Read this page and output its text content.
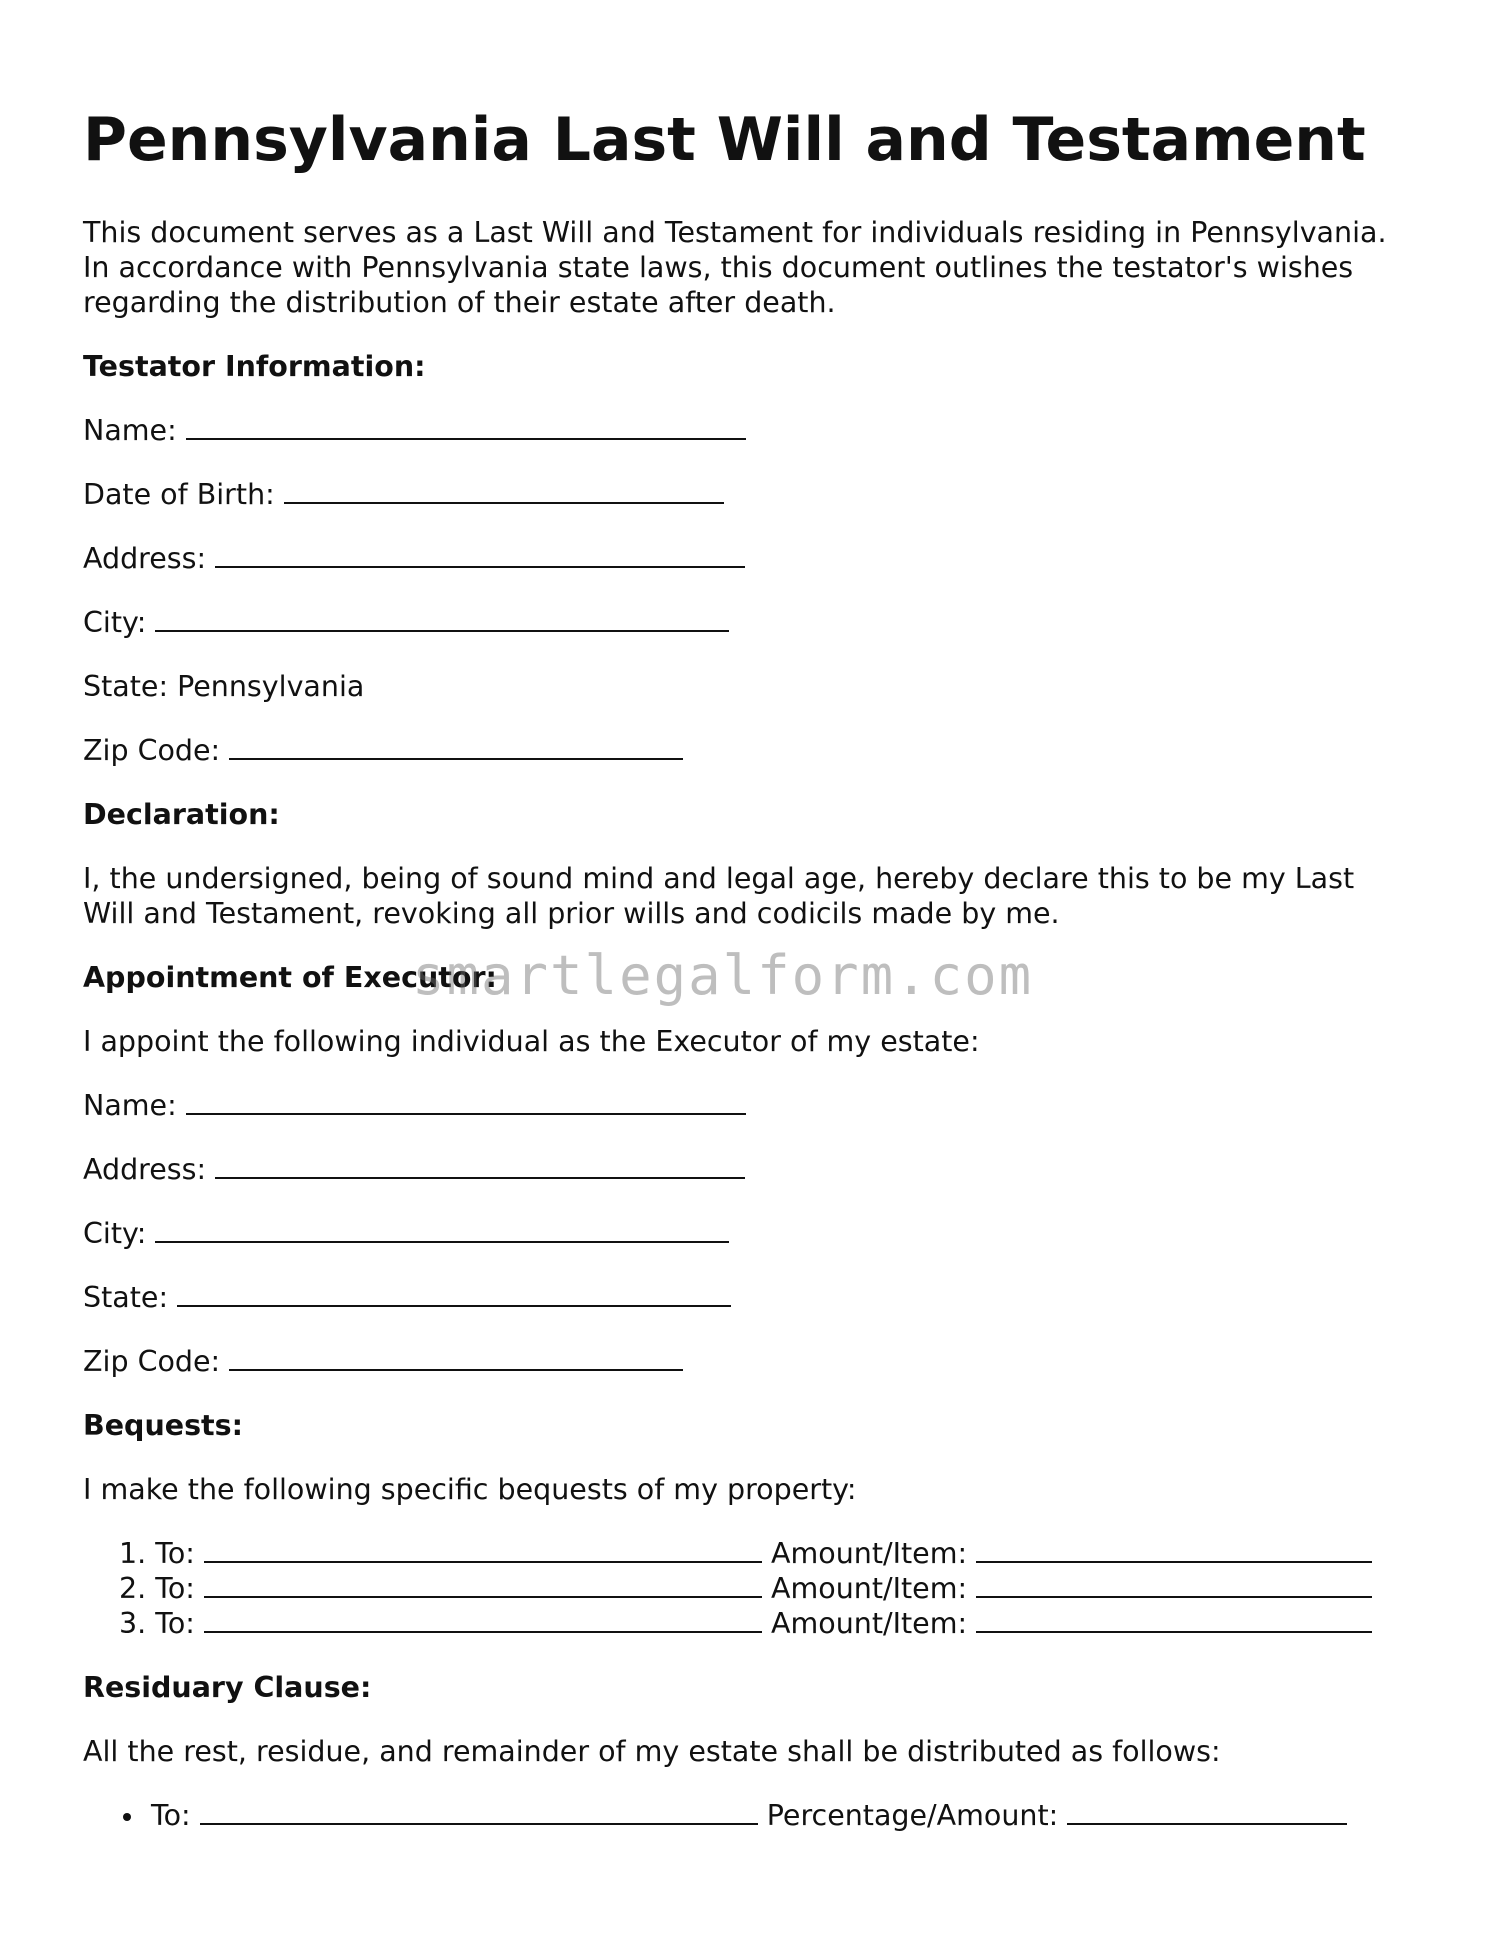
Pennsylvania Last Will and Testament
This document serves as a Last Will and Testament for individuals residing in Pennsylvania.
In accordance with Pennsylvania state laws, this document outlines the testator's wishes
regarding the distribution of their estate after death.
Testator Information:
Name:
Date of Birth:
Address:
City:
State: Pennsylvania
Zip Code:
Declaration:
I, the undersigned, being of sound mind and legal age, hereby declare this to be my Last
Will and Testament, revoking all prior wills and codicils made by me.
Appointment of Executor:
I appoint the following individual as the Executor of my estate:
Name:
Address:
City:
State:
Zip Code:
Bequests:
I make the following specific bequests of my property:
1. To:	Amount/Item:
2. To:	Amount/Item:
3. To:	Amount/Item:
Residuary Clause:
All the rest, residue, and remainder of my estate shall be distributed as follows:
To:	Percentage/Amount:
smartlegalform.com
